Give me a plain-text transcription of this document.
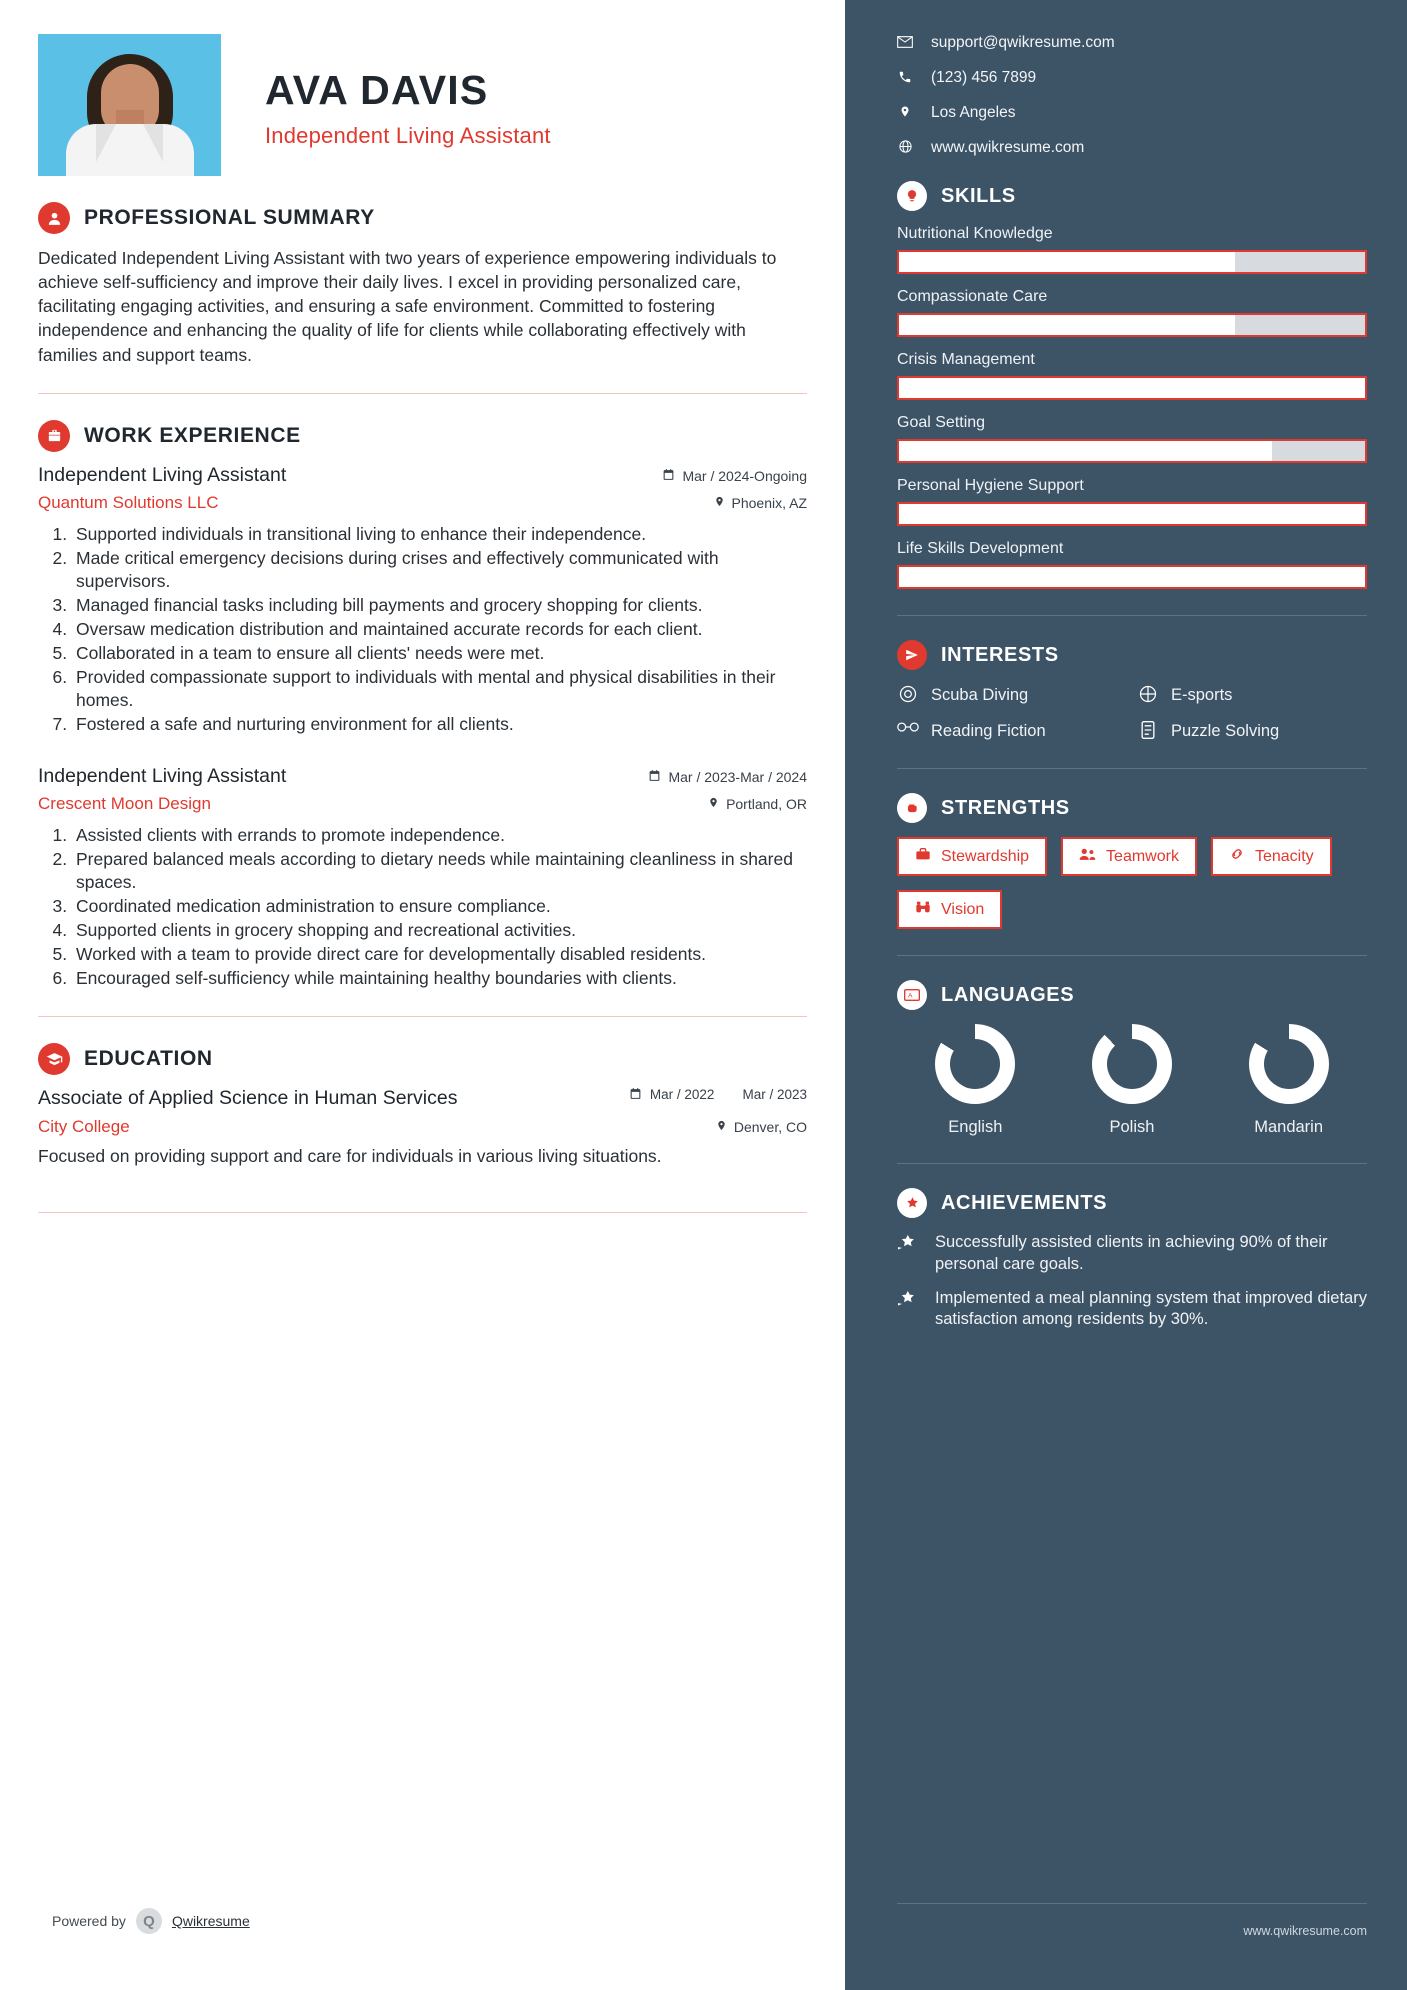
AVA DAVIS
Independent Living Assistant
PROFESSIONAL SUMMARY
Dedicated Independent Living Assistant with two years of experience empowering individuals to achieve self-sufficiency and improve their daily lives. I excel in providing personalized care, facilitating engaging activities, and ensuring a safe environment. Committed to fostering independence and enhancing the quality of life for clients while collaborating effectively with families and support teams.
WORK EXPERIENCE
Independent Living Assistant	Mar / 2024-Ongoing
Quantum Solutions LLC	Phoenix, AZ
1. Supported individuals in transitional living to enhance their independence.
2. Made critical emergency decisions during crises and effectively communicated with supervisors.
3. Managed financial tasks including bill payments and grocery shopping for clients.
4. Oversaw medication distribution and maintained accurate records for each client.
5. Collaborated in a team to ensure all clients' needs were met.
6. Provided compassionate support to individuals with mental and physical disabilities in their homes.
7. Fostered a safe and nurturing environment for all clients.
Independent Living Assistant	Mar / 2023-Mar / 2024
Crescent Moon Design	Portland, OR
1. Assisted clients with errands to promote independence.
2. Prepared balanced meals according to dietary needs while maintaining cleanliness in shared spaces.
3. Coordinated medication administration to ensure compliance.
4. Supported clients in grocery shopping and recreational activities.
5. Worked with a team to provide direct care for developmentally disabled residents.
6. Encouraged self-sufficiency while maintaining healthy boundaries with clients.
EDUCATION
Associate of Applied Science in Human Services	Mar / 2022	Mar / 2023
City College	Denver, CO
Focused on providing support and care for individuals in various living situations.
Powered by	Q	Qwikresume
support@qwikresume.com
(123) 456 7899
Los Angeles
www.qwikresume.com
SKILLS
Nutritional Knowledge
Compassionate Care
Crisis Management
Goal Setting
Personal Hygiene Support
Life Skills Development
INTERESTS
Scuba Diving	E-sports
Reading Fiction	Puzzle Solving
STRENGTHS
Stewardship	Teamwork	Tenacity
Vision
A LANGUAGES
English	Polish	Mandarin
ACHIEVEMENTS
Successfully assisted clients in achieving 90% of their personal care goals.
Implemented a meal planning system that improved dietary satisfaction among residents by 30%.
www.qwikresume.com
